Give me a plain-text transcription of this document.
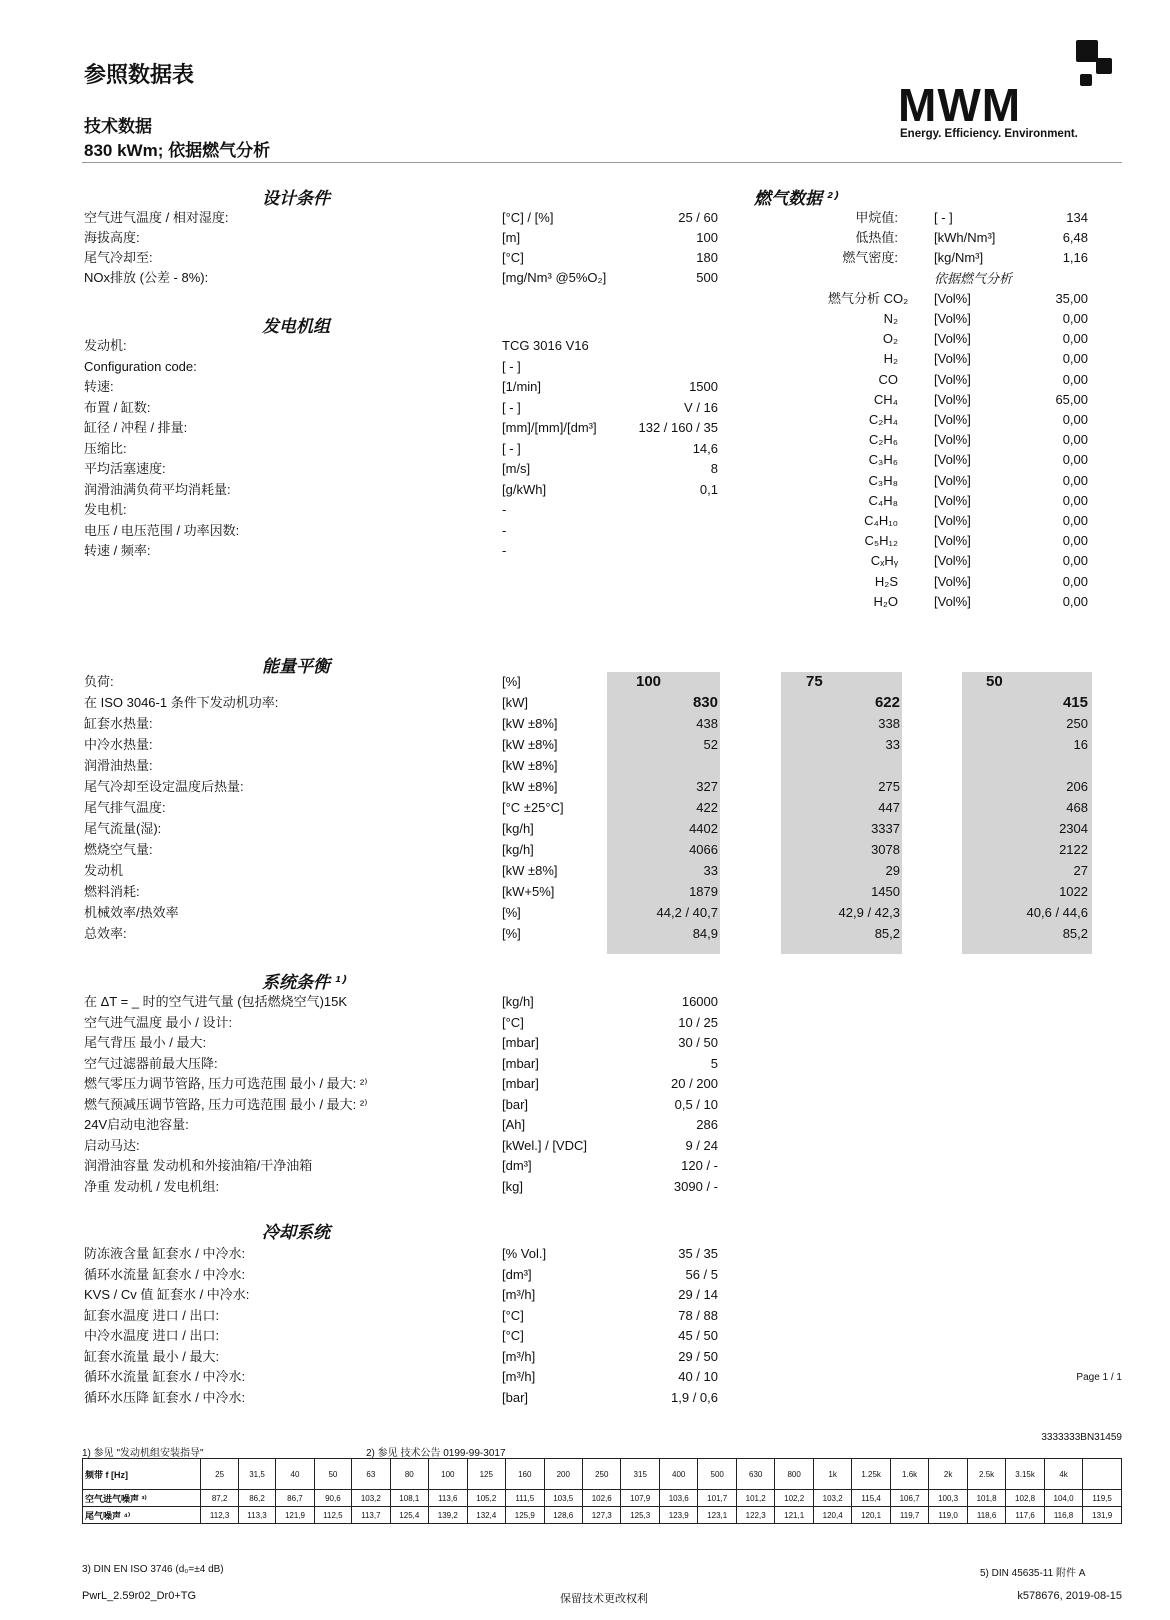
参照数据表
技术数据
830 kWm; 依据燃气分析
MWM
Energy. Efficiency. Environment.
设计条件	燃气数据 ²⁾
发电机组
能量平衡
系统条件 ¹⁾
冷却系统
空气进气温度 / 相对湿度:	[°C] / [%]	25 / 60
海拔高度:	[m]	100
尾气冷却至:	[°C]	180
NOx排放 (公差 - 8%):	[mg/Nm³ @5%O₂]	500
发动机:	TCG 3016 V16
Configuration code:	[ - ]
转速:	[1/min]	1500
布置 / 缸数:	[ - ]	V / 16
缸径 / 冲程 / 排量:	[mm]/[mm]/[dm³]	132 / 160 / 35
压缩比:	[ - ]	14,6
平均活塞速度:	[m/s]	8
润滑油满负荷平均消耗量:	[g/kWh]	0,1
发电机:	-
电压 / 电压范围 / 功率因数:	-
转速 / 频率:	-
甲烷值:	[ - ]	134
低热值:	[kWh/Nm³]	6,48
燃气密度:	[kg/Nm³]	1,16
依据燃气分析
燃气分析 CO₂ [Vol%]	35,00
N₂	[Vol%]	0,00
O₂	[Vol%]	0,00
H₂	[Vol%]	0,00
CO	[Vol%]	0,00
CH₄	[Vol%]	65,00
C₂H₄	[Vol%]	0,00
C₂H₆	[Vol%]	0,00
C₃H₆	[Vol%]	0,00
C₃H₈	[Vol%]	0,00
C₄H₈	[Vol%]	0,00
C₄H₁₀	[Vol%]	0,00
C₅H₁₂	[Vol%]	0,00
CₓHᵧ	[Vol%]	0,00
H₂S	[Vol%]	0,00
H₂O	[Vol%]	0,00
负荷:	[%]	100	75	50
在 ISO 3046-1 条件下发动机功率:	[kW]	830	622	415
缸套水热量:	[kW ±8%]	438	338	250
中冷水热量:	[kW ±8%]	52	33	16
润滑油热量:	[kW ±8%]
尾气冷却至设定温度后热量:	[kW ±8%]	327	275	206
尾气排气温度:	[°C ±25°C]	422	447	468
尾气流量(湿):	[kg/h]	4402	3337	2304
燃烧空气量:	[kg/h]	4066	3078	2122
发动机	[kW ±8%]	33	29	27
燃料消耗:	[kW+5%]	1879	1450	1022
机械效率/热效率	[%]	44,2 / 40,7	42,9 / 42,3	40,6 / 44,6
总效率:	[%]	84,9	85,2	85,2
在 ΔT = _ 时的空气进气量 (包括燃烧空气)15K	[kg/h]	16000
空气进气温度 最小 / 设计:	[°C]	10 / 25
尾气背压 最小 / 最大:	[mbar]	30 / 50
空气过滤器前最大压降:	[mbar]	5
燃气零压力调节管路, 压力可选范围 最小 / 最大: ²⁾	[mbar]	20 / 200
燃气预减压调节管路, 压力可选范围 最小 / 最大: ²⁾	[bar]	0,5 / 10
24V启动电池容量:	[Ah]	286
启动马达:	[kWel.] / [VDC]	9 / 24
润滑油容量 发动机和外接油箱/干净油箱	[dm³]	120 / -
净重 发动机 / 发电机组:	[kg]	3090 / -
防冻液含量 缸套水 / 中冷水:	[% Vol.]	35 / 35
循环水流量 缸套水 / 中冷水:	[dm³]	56 / 5
KVS / Cv 值 缸套水 / 中冷水:	[m³/h]	29 / 14
缸套水温度 进口 / 出口:	[°C]	78 / 88
中冷水温度 进口 / 出口:	[°C]	45 / 50
缸套水流量 最小 / 最大:	[m³/h]	29 / 50
循环水流量 缸套水 / 中冷水:	[m³/h]	40 / 10
循环水压降 缸套水 / 中冷水:	[bar]	1,9 / 0,6
Page 1 / 1
3333333BN31459
1) 参见 "发动机组安装指导"	2) 参见 技术公告 0199-99-3017
频带 f [Hz]	25	31,5	40	50	63	80	100	125	160	200	250	315	400	500	630	800	1k	1.25k	1.6k	2k	2.5k	3.15k	4k	
空气进气噪声 ³⁾	87,2	86,2	86,7	90,6	103,2	108,1	113,6	105,2	111,5	103,5	102,6	107,9	103,6	101,7	101,2	102,2	103,2	115,4	106,7	100,3	101,8	102,8	104,0	119,5
尾气噪声 ⁴⁾	112,3	113,3	121,9	112,5	113,7	125,4	139,2	132,4	125,9	128,6	127,3	125,3	123,9	123,1	122,3	121,1	120,4	120,1	119,7	119,0	118,6	117,6	116,8	131,9
3) DIN EN ISO 3746 (d₀=±4 dB)	5) DIN 45635-11 附件 A
PwrL_2.59r02_Dr0+TG	保留技术更改权利	k578676, 2019-08-15
